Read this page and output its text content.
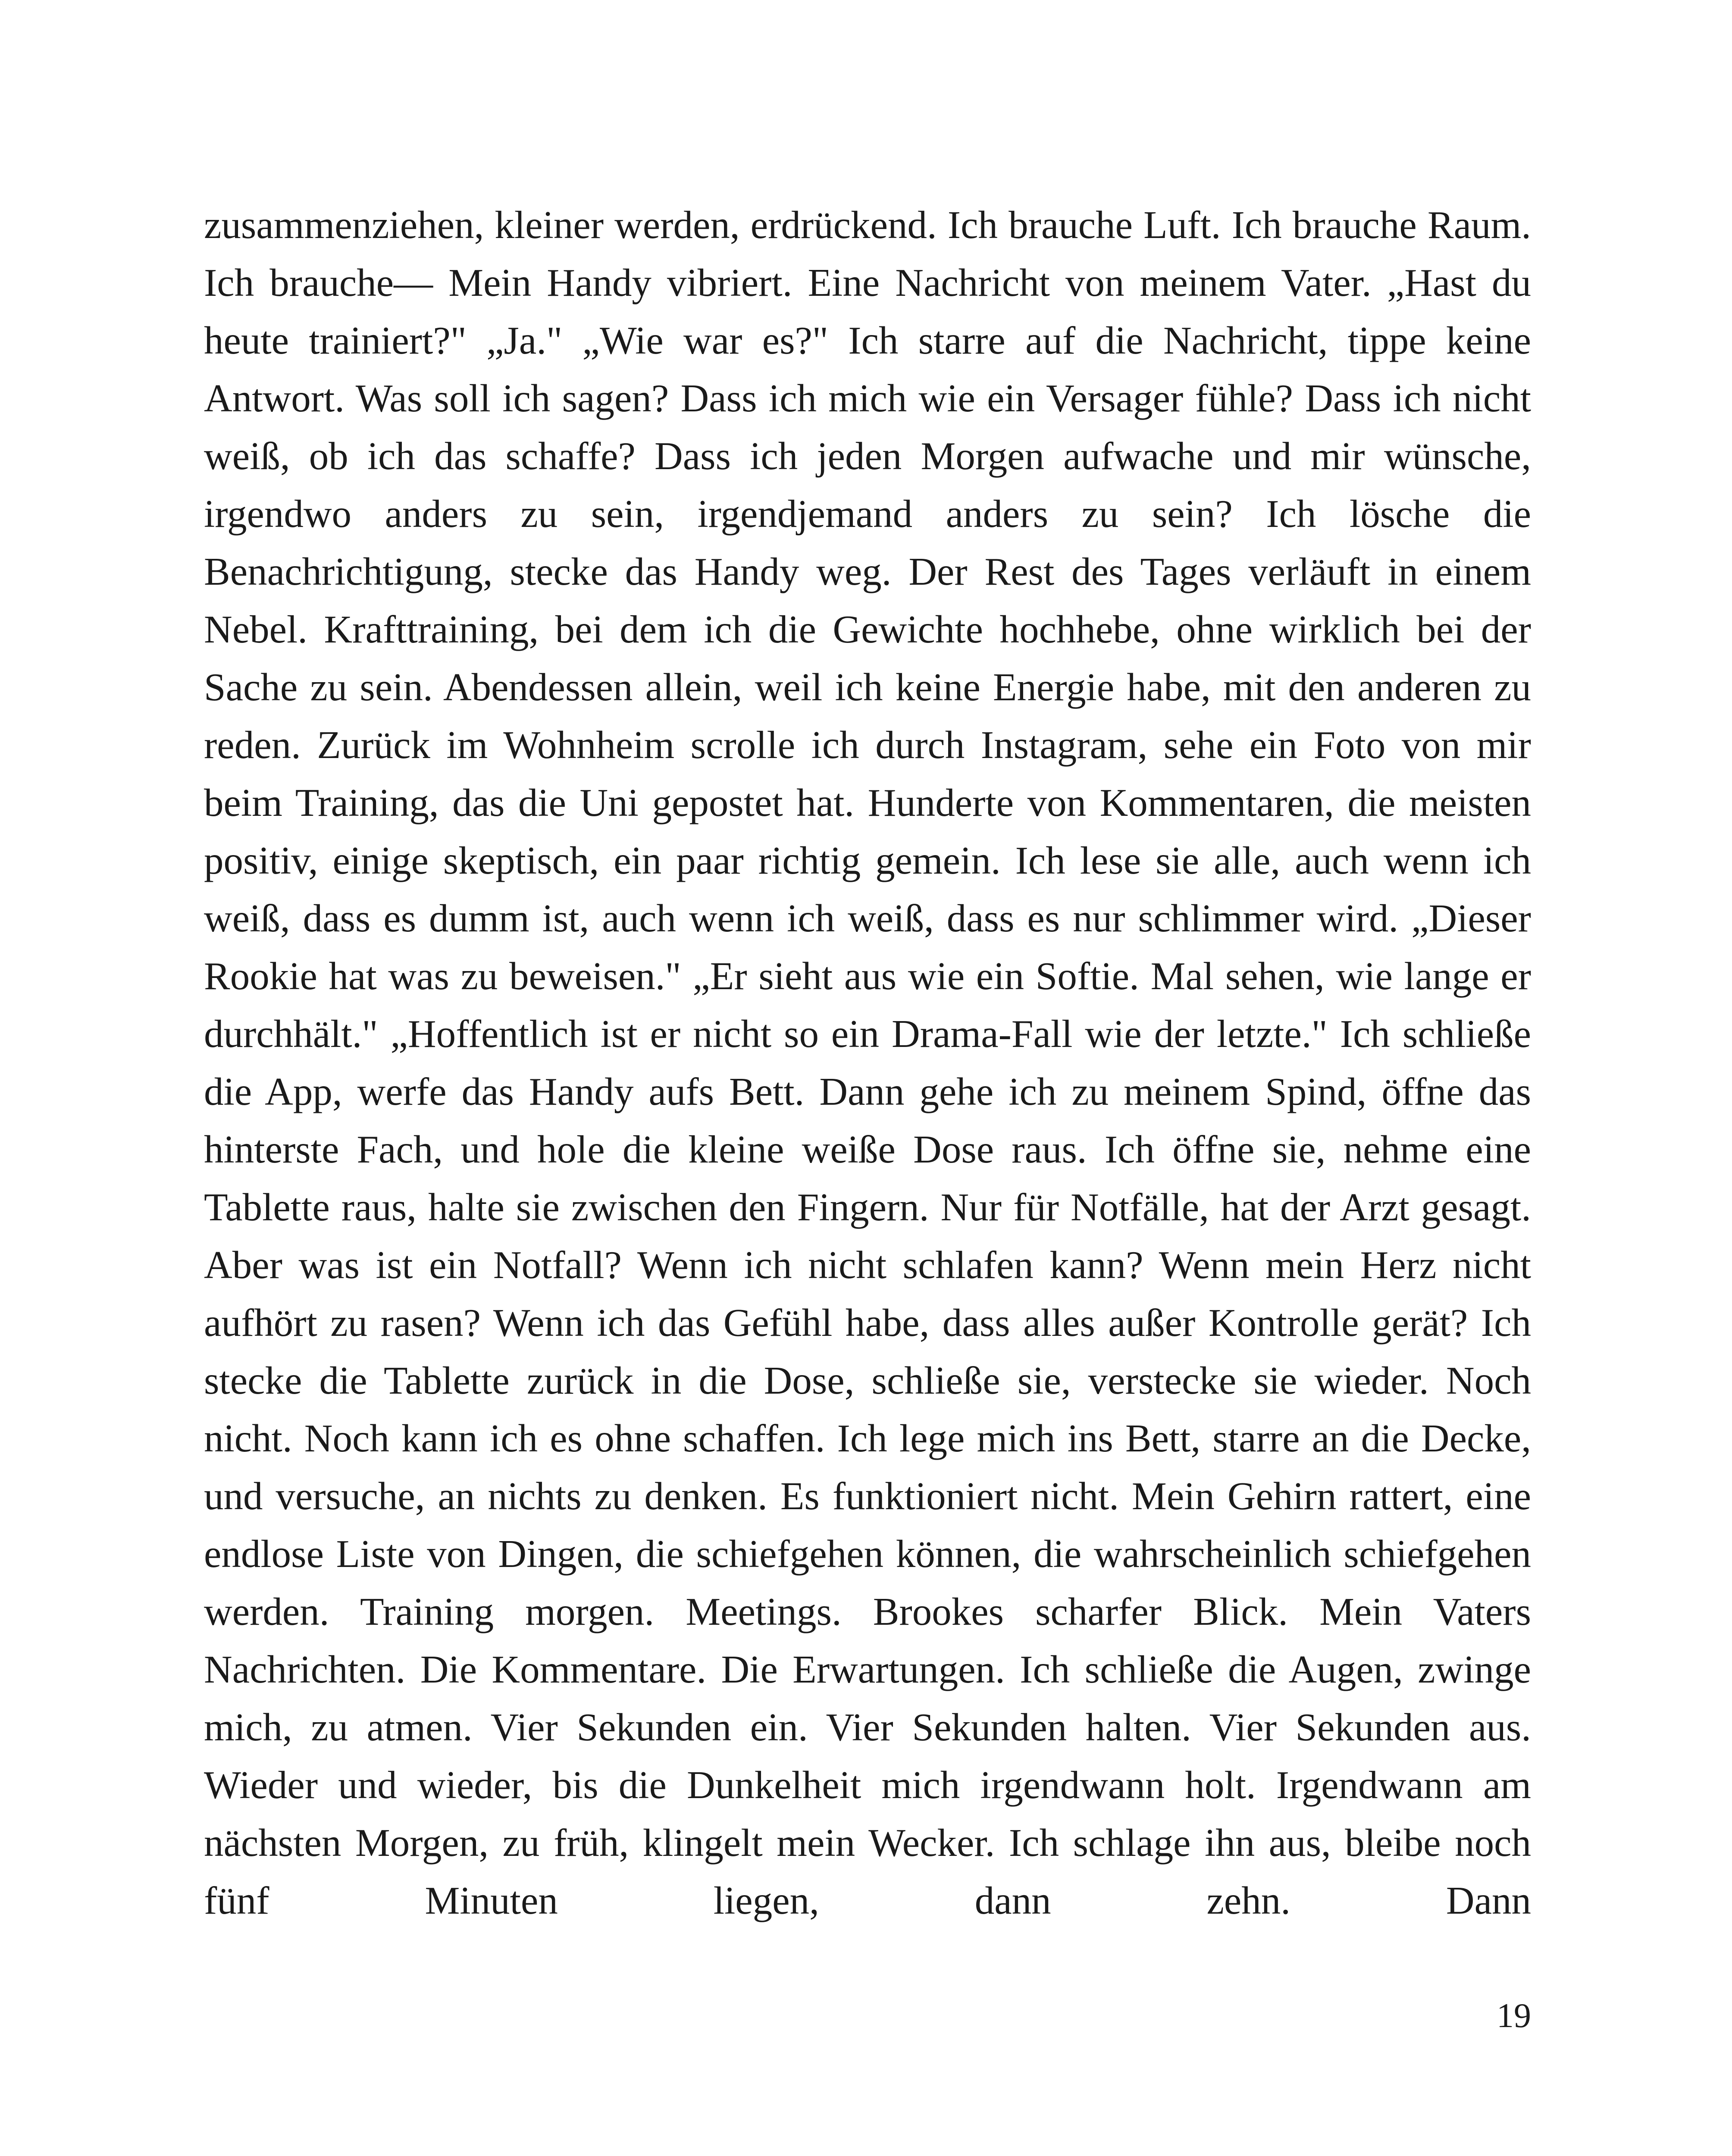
zusammenziehen, kleiner werden, erdrückend. Ich brauche Luft. Ich brauche Raum. Ich brauche— Mein Handy vibriert. Eine Nachricht von meinem Vater. „Hast du heute trainiert?" „Ja." „Wie war es?" Ich starre auf die Nachricht, tippe keine Antwort. Was soll ich sagen? Dass ich mich wie ein Versager fühle? Dass ich nicht weiß, ob ich das schaffe? Dass ich jeden Morgen aufwache und mir wünsche, irgendwo anders zu sein, irgendjemand anders zu sein? Ich lösche die Benachrichtigung, stecke das Handy weg. Der Rest des Tages verläuft in einem Nebel. Krafttraining, bei dem ich die Gewichte hochhebe, ohne wirklich bei der Sache zu sein. Abendessen allein, weil ich keine Energie habe, mit den anderen zu reden. Zurück im Wohnheim scrolle ich durch Instagram, sehe ein Foto von mir beim Training, das die Uni gepostet hat. Hunderte von Kommentaren, die meisten positiv, einige skeptisch, ein paar richtig gemein. Ich lese sie alle, auch wenn ich weiß, dass es dumm ist, auch wenn ich weiß, dass es nur schlimmer wird. „Dieser Rookie hat was zu beweisen." „Er sieht aus wie ein Softie. Mal sehen, wie lange er durchhält." „Hoffentlich ist er nicht so ein Drama-Fall wie der letzte." Ich schließe die App, werfe das Handy aufs Bett. Dann gehe ich zu meinem Spind, öffne das hinterste Fach, und hole die kleine weiße Dose raus. Ich öffne sie, nehme eine Tablette raus, halte sie zwischen den Fingern. Nur für Notfälle, hat der Arzt gesagt. Aber was ist ein Notfall? Wenn ich nicht schlafen kann? Wenn mein Herz nicht aufhört zu rasen? Wenn ich das Gefühl habe, dass alles außer Kontrolle gerät? Ich stecke die Tablette zurück in die Dose, schließe sie, verstecke sie wieder. Noch nicht. Noch kann ich es ohne schaffen. Ich lege mich ins Bett, starre an die Decke, und versuche, an nichts zu denken. Es funktioniert nicht. Mein Gehirn rattert, eine endlose Liste von Dingen, die schiefgehen können, die wahrscheinlich schiefgehen werden. Training morgen. Meetings. Brookes scharfer Blick. Mein Vaters Nachrichten. Die Kommentare. Die Erwartungen. Ich schließe die Augen, zwinge mich, zu atmen. Vier Sekunden ein. Vier Sekunden halten. Vier Sekunden aus. Wieder und wieder, bis die Dunkelheit mich irgendwann holt. Irgendwann am nächsten Morgen, zu früh, klingelt mein Wecker. Ich schlage ihn aus, bleibe noch fünf Minuten liegen, dann zehn. Dann

19
